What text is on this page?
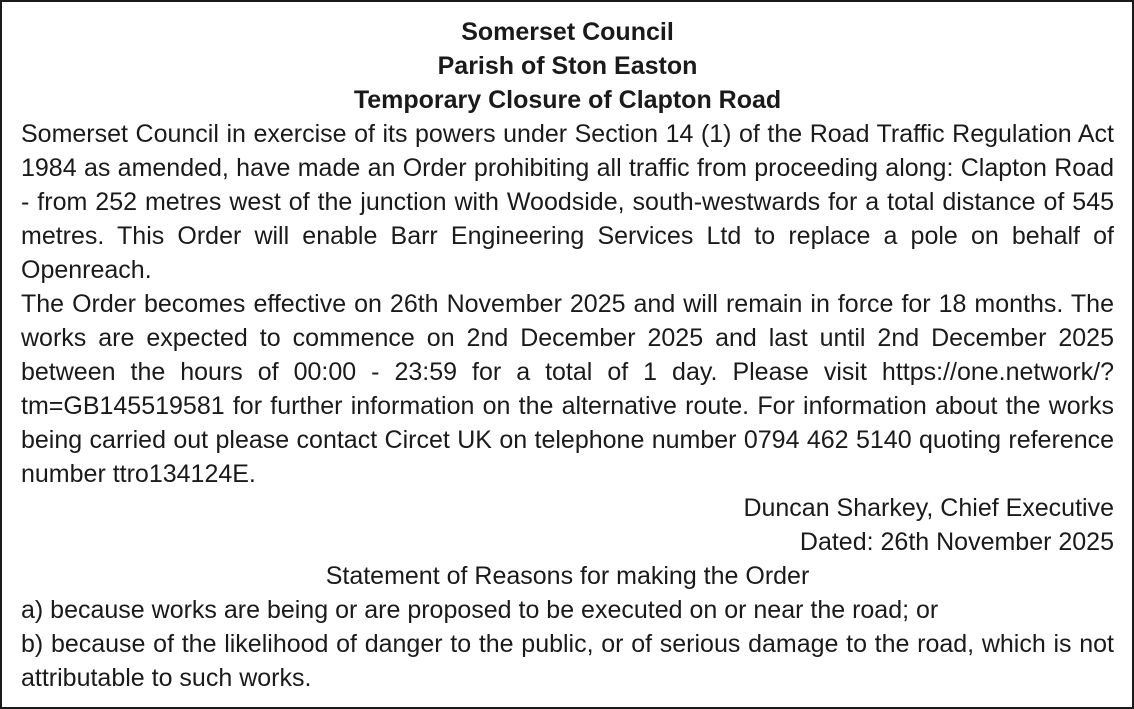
Somerset Council

Parish of Ston Easton

Temporary Closure of Clapton Road

Somerset Council in exercise of its powers under Section 14 (1) of the Road Traffic Regulation Act 1984 as amended, have made an Order prohibiting all traffic from proceeding along: Clapton Road - from 252 metres west of the junction with Woodside, south-westwards for a total distance of 545 metres. This Order will enable Barr Engineering Services Ltd to replace a pole on behalf of Openreach.

The Order becomes effective on 26th November 2025 and will remain in force for 18 months. The works are expected to commence on 2nd December 2025 and last until 2nd December 2025 between the hours of 00:00 - 23:59 for a total of 1 day. Please visit https://one.network/?tm=GB145519581 for further information on the alternative route. For information about the works being carried out please contact Circet UK on telephone number 0794 462 5140 quoting reference number ttro134124E.

Duncan Sharkey, Chief Executive

Dated: 26th November 2025

Statement of Reasons for making the Order

a) because works are being or are proposed to be executed on or near the road; or

b) because of the likelihood of danger to the public, or of serious damage to the road, which is not attributable to such works.
